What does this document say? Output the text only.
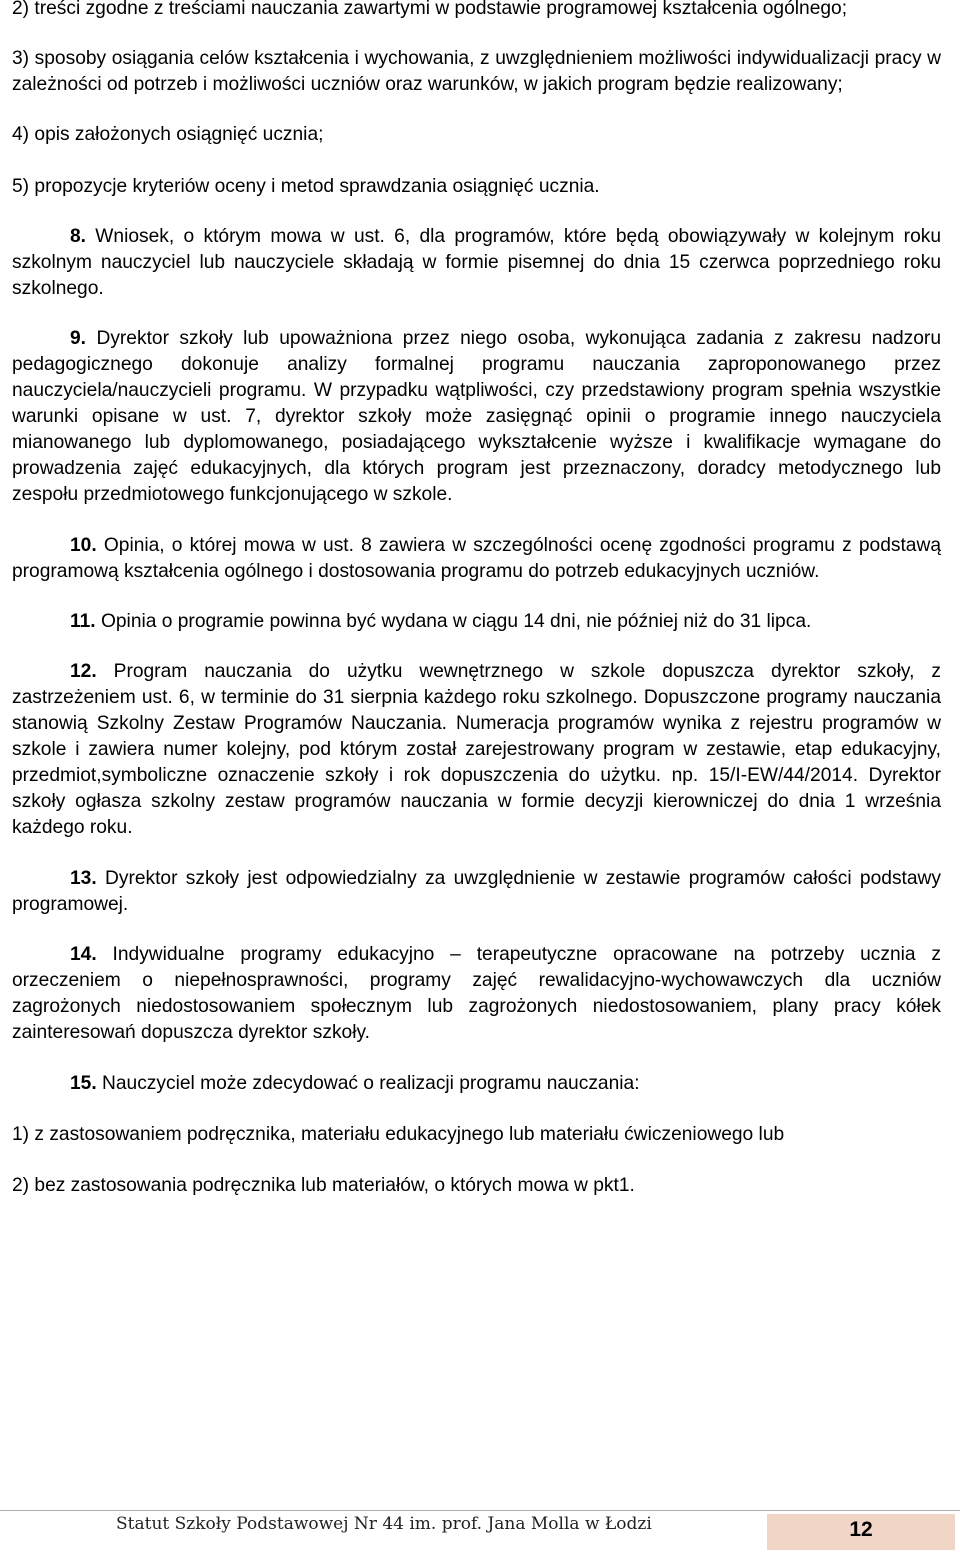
2) treści zgodne z treściami nauczania zawartymi w podstawie programowej kształcenia ogólnego;

3) sposoby osiągania celów kształcenia i wychowania, z uwzględnieniem możliwości indywidualizacji pracy w zależności od potrzeb i możliwości uczniów oraz warunków, w jakich program będzie realizowany;

4) opis założonych osiągnięć ucznia;

5) propozycje kryteriów oceny i metod sprawdzania osiągnięć ucznia.

8. Wniosek, o którym mowa w ust. 6, dla programów, które będą obowiązywały w kolejnym roku szkolnym nauczyciel lub nauczyciele składają w formie pisemnej do dnia 15 czerwca poprzedniego roku szkolnego.

9. Dyrektor szkoły lub upoważniona przez niego osoba, wykonująca zadania z zakresu nadzoru pedagogicznego dokonuje analizy formalnej programu nauczania zaproponowanego przez nauczyciela/nauczycieli programu. W przypadku wątpliwości, czy przedstawiony program spełnia wszystkie warunki opisane w ust. 7, dyrektor szkoły może zasięgnąć opinii o programie innego nauczyciela mianowanego lub dyplomowanego, posiadającego wykształcenie wyższe i kwalifikacje wymagane do prowadzenia zajęć edukacyjnych, dla których program jest przeznaczony, doradcy metodycznego lub zespołu przedmiotowego funkcjonującego w szkole.

10. Opinia, o której mowa w ust. 8 zawiera w szczególności ocenę zgodności programu z podstawą programową kształcenia ogólnego i dostosowania programu do potrzeb edukacyjnych uczniów.

11. Opinia o programie powinna być wydana w ciągu 14 dni, nie później niż do 31 lipca.

12. Program nauczania do użytku wewnętrznego w szkole dopuszcza dyrektor szkoły, z zastrzeżeniem ust. 6, w terminie do 31 sierpnia każdego roku szkolnego. Dopuszczone programy nauczania stanowią Szkolny Zestaw Programów Nauczania. Numeracja programów wynika z rejestru programów w szkole i zawiera numer kolejny, pod którym został zarejestrowany program w zestawie, etap edukacyjny, przedmiot,symboliczne oznaczenie szkoły i rok dopuszczenia do użytku. np. 15/I-EW/44/2014. Dyrektor szkoły ogłasza szkolny zestaw programów nauczania w formie decyzji kierowniczej do dnia 1 września każdego roku.

13. Dyrektor szkoły jest odpowiedzialny za uwzględnienie w zestawie programów całości podstawy programowej.

14. Indywidualne programy edukacyjno – terapeutyczne opracowane na potrzeby ucznia z orzeczeniem o niepełnosprawności, programy zajęć rewalidacyjno-wychowawczych dla uczniów zagrożonych niedostosowaniem społecznym lub zagrożonych niedostosowaniem, plany pracy kółek zainteresowań dopuszcza dyrektor szkoły.

15. Nauczyciel może zdecydować o realizacji programu nauczania:

1) z zastosowaniem podręcznika, materiału edukacyjnego lub materiału ćwiczeniowego lub

2) bez zastosowania podręcznika lub materiałów, o których mowa w pkt1.

Statut Szkoły Podstawowej Nr 44 im. prof. Jana Molla w Łodzi	12
